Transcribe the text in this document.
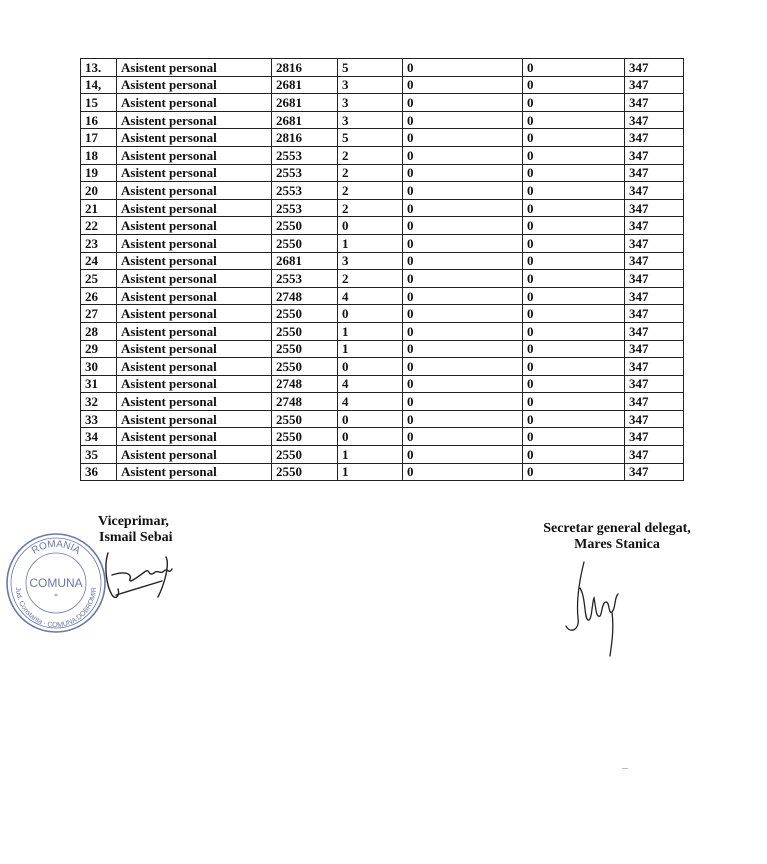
13.	Asistent personal	2816	5	0	0	347
14,	Asistent personal	2681	3	0	0	347
15	Asistent personal	2681	3	0	0	347
16	Asistent personal	2681	3	0	0	347
17	Asistent personal	2816	5	0	0	347
18	Asistent personal	2553	2	0	0	347
19	Asistent personal	2553	2	0	0	347
20	Asistent personal	2553	2	0	0	347
21	Asistent personal	2553	2	0	0	347
22	Asistent personal	2550	0	0	0	347
23	Asistent personal	2550	1	0	0	347
24	Asistent personal	2681	3	0	0	347
25	Asistent personal	2553	2	0	0	347
26	Asistent personal	2748	4	0	0	347
27	Asistent personal	2550	0	0	0	347
28	Asistent personal	2550	1	0	0	347
29	Asistent personal	2550	1	0	0	347
30	Asistent personal	2550	0	0	0	347
31	Asistent personal	2748	4	0	0	347
32	Asistent personal	2748	4	0	0	347
33	Asistent personal	2550	0	0	0	347
34	Asistent personal	2550	0	0	0	347
35	Asistent personal	2550	1	0	0	347
36	Asistent personal	2550	1	0	0	347
Viceprimar,
Ismail Sebai
ROMANIA
COMUNA
*
Jud. Constanta · COMUNA DOBROMIR
Secretar general delegat,
Mares Stanica
